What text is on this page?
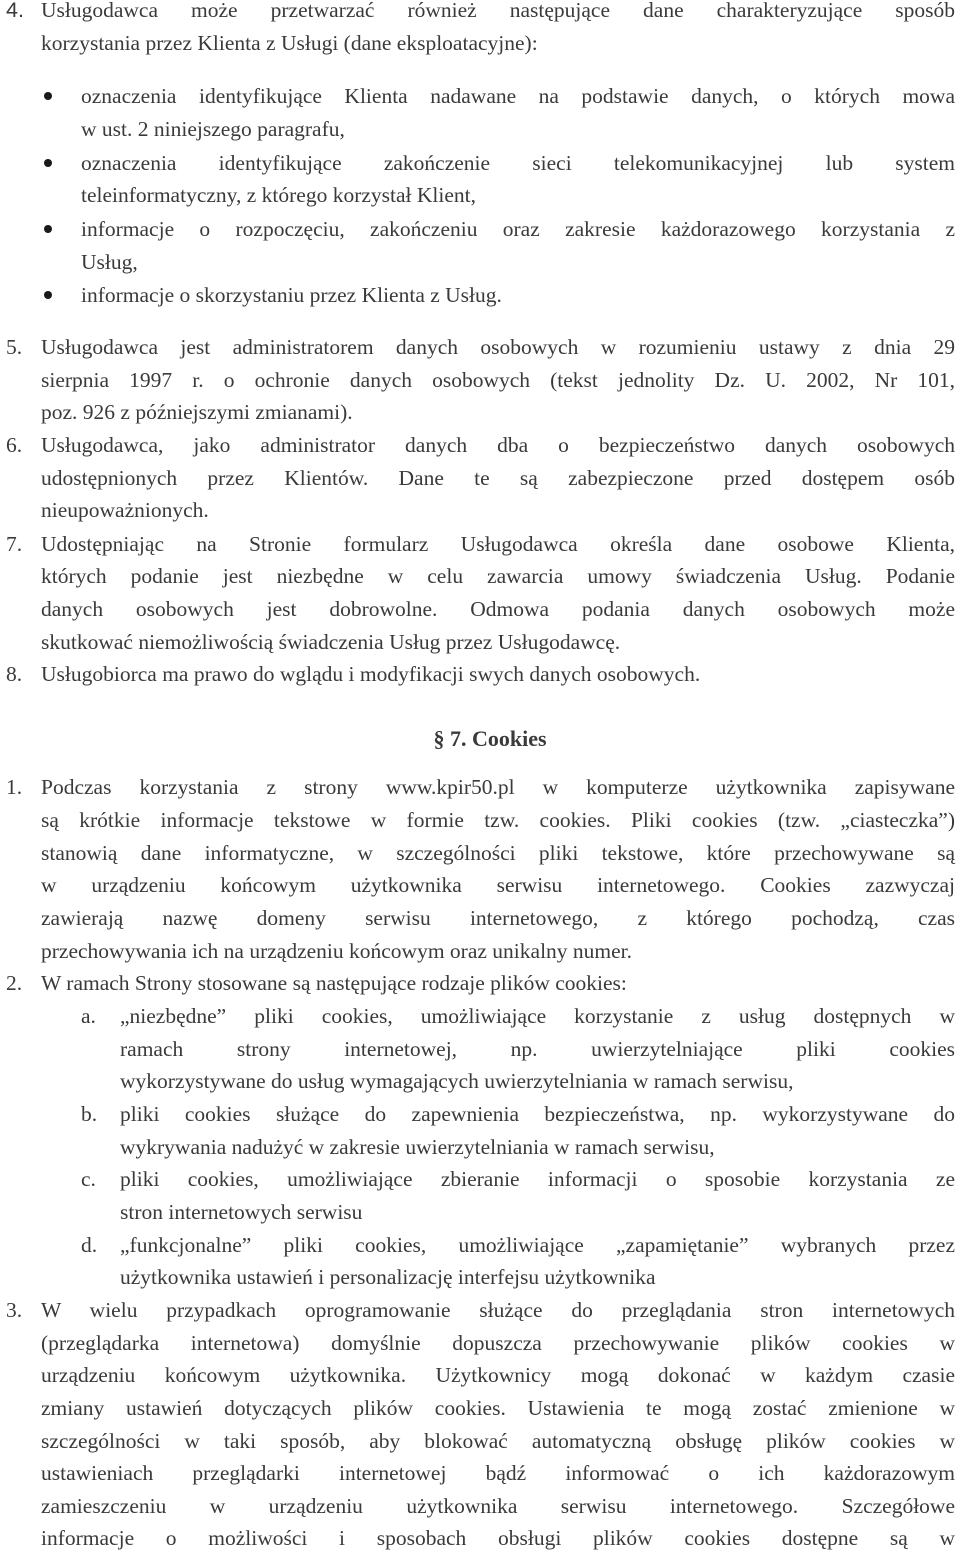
4. Usługodawca może przetwarzać również następujące dane charakteryzujące sposób
korzystania przez Klienta z Usługi (dane eksploatacyjne):
oznaczenia identyfikujące Klienta nadawane na podstawie danych, o których mowa
w ust. 2 niniejszego paragrafu,
oznaczenia identyfikujące zakończenie sieci telekomunikacyjnej lub system
teleinformatyczny, z którego korzystał Klient,
informacje o rozpoczęciu, zakończeniu oraz zakresie każdorazowego korzystania z
Usług,
informacje o skorzystaniu przez Klienta z Usług.
5. Usługodawca jest administratorem danych osobowych w rozumieniu ustawy z dnia 29
sierpnia 1997 r. o ochronie danych osobowych (tekst jednolity Dz. U. 2002, Nr 101,
poz. 926 z późniejszymi zmianami).
6. Usługodawca, jako administrator danych dba o bezpieczeństwo danych osobowych
udostępnionych przez Klientów. Dane te są zabezpieczone przed dostępem osób
nieupoważnionych.
7. Udostępniając na Stronie formularz Usługodawca określa dane osobowe Klienta,
których podanie jest niezbędne w celu zawarcia umowy świadczenia Usług. Podanie
danych osobowych jest dobrowolne. Odmowa podania danych osobowych może
skutkować niemożliwością świadczenia Usług przez Usługodawcę.
8. Usługobiorca ma prawo do wglądu i modyfikacji swych danych osobowych.
§ 7. Cookies
1. Podczas korzystania z strony www.kpir50.pl w komputerze użytkownika zapisywane
są krótkie informacje tekstowe w formie tzw. cookies. Pliki cookies (tzw. „ciasteczka”)
stanowią dane informatyczne, w szczególności pliki tekstowe, które przechowywane są
w urządzeniu końcowym użytkownika serwisu internetowego. Cookies zazwyczaj
zawierają nazwę domeny serwisu internetowego, z którego pochodzą, czas
przechowywania ich na urządzeniu końcowym oraz unikalny numer.
2. W ramach Strony stosowane są następujące rodzaje plików cookies:
a. „niezbędne” pliki cookies, umożliwiające korzystanie z usług dostępnych w
ramach strony internetowej, np. uwierzytelniające pliki cookies
wykorzystywane do usług wymagających uwierzytelniania w ramach serwisu,
b. pliki cookies służące do zapewnienia bezpieczeństwa, np. wykorzystywane do
wykrywania nadużyć w zakresie uwierzytelniania w ramach serwisu,
c. pliki cookies, umożliwiające zbieranie informacji o sposobie korzystania ze
stron internetowych serwisu
d. „funkcjonalne” pliki cookies, umożliwiające „zapamiętanie” wybranych przez
użytkownika ustawień i personalizację interfejsu użytkownika
3. W wielu przypadkach oprogramowanie służące do przeglądania stron internetowych
(przeglądarka internetowa) domyślnie dopuszcza przechowywanie plików cookies w
urządzeniu końcowym użytkownika. Użytkownicy mogą dokonać w każdym czasie
zmiany ustawień dotyczących plików cookies. Ustawienia te mogą zostać zmienione w
szczególności w taki sposób, aby blokować automatyczną obsługę plików cookies w
ustawieniach przeglądarki internetowej bądź informować o ich każdorazowym
zamieszczeniu w urządzeniu użytkownika serwisu internetowego. Szczegółowe
informacje o możliwości i sposobach obsługi plików cookies dostępne są w
